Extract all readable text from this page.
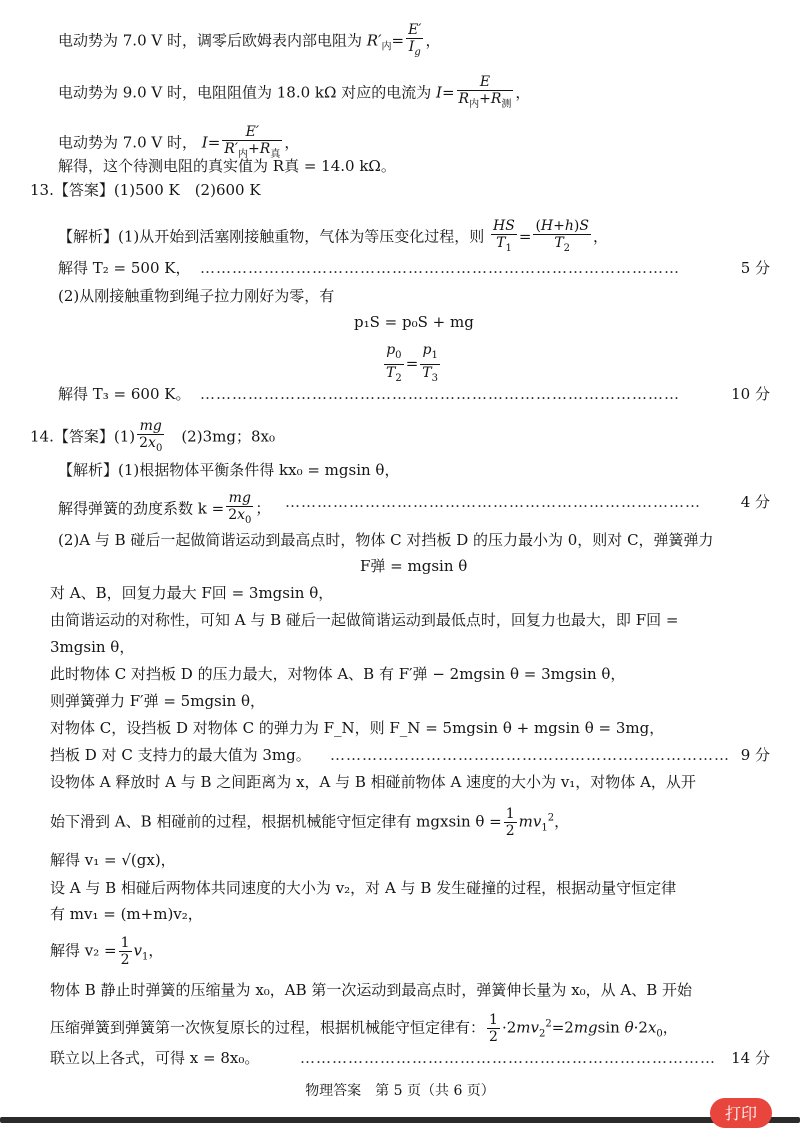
电动势为 7.0 V 时，调零后欧姆表内部电阻为 $R'_内= \frac{E'}{I_g}$ ，
电动势为 9.0 V 时，电阻阻值为 18.0 kΩ 对应的电流为 $I= \frac{E}{R_内+R_测}$ ，
电动势为 7.0 V 时， $I= \frac{E'}{R'_内+R_真}$ ，
解得，这个待测电阻的真实值为 R真 = 14.0 kΩ。
13.【答案】(1)500 K　(2)600 K
【解析】(1)从开始到活塞刚接触重物，气体为等压变化过程，则 $\frac{HS}{T_1} = \frac{(H+h)S}{T_2}$ ，
解得 T₂ = 500 K， ………………………………………………………………………………	5 分
(2)从刚接触重物到绳子拉力刚好为零，有
p₁S = p₀S + mg
$\frac{p_0}{T_2} = \frac{p_1}{T_3}$
解得 T₃ = 600 K。 ………………………………………………………………………………	10 分
14.【答案】$(1) \frac{mg}{2x_0}$
　 (2)3mg；8x₀
【解析】(1)根据物体平衡条件得 kx₀ = mgsin θ，
解得弹簧的劲度系数 $k = \frac{mg}{2x_0}$ ； ……………………………………………………………………	4 分
(2)A 与 B 碰后一起做简谐运动到最高点时，物体 C 对挡板 D 的压力最小为 0，则对 C，弹簧弹力
F弹 = mgsin θ
对 A、B，回复力最大 F回 = 3mgsin θ，
由简谐运动的对称性，可知 A 与 B 碰后一起做简谐运动到最低点时，回复力也最大，即 F回 =
3mgsin θ，
此时物体 C 对挡板 D 的压力最大，对物体 A、B 有 F′弹 − 2mgsin θ = 3mgsin θ，
则弹簧弹力 F′弹 = 5mgsin θ，
对物体 C，设挡板 D 对物体 C 的弹力为 F_N，则 F_N = 5mgsin θ + mgsin θ = 3mg，
挡板 D 对 C 支持力的最大值为 3mg。 ………………………………………………………………… 9 分
设物体 A 释放时 A 与 B 之间距离为 x，A 与 B 相碰前物体 A 速度的大小为 v₁，对物体 A，从开
始下滑到 A、B 相碰前的过程，根据机械能守恒定律有 mgxsin $\theta = \frac{1}{2} mv_1^2$，
解得 v₁ = √(gx)，
设 A 与 B 相碰后两物体共同速度的大小为 v₂，对 A 与 B 发生碰撞的过程，根据动量守恒定律
有 mv₁ = (m+m)v₂，
解得 $v_2 = \frac{1}{2} v_1$，
物体 B 静止时弹簧的压缩量为 x₀，AB 第一次运动到最高点时，弹簧伸长量为 x₀，从 A、B 开始
压缩弹簧到弹簧第一次恢复原长的过程，根据机械能守恒定律有： $\frac{1}{2} \cdot 2mv_2^2=2mgsin$ $\theta\cdot 2x_0$，
联立以上各式，可得 x = 8x₀。	…………………………………………………………………… 14 分
物理答案　第 5 页（共 6 页）
打印
